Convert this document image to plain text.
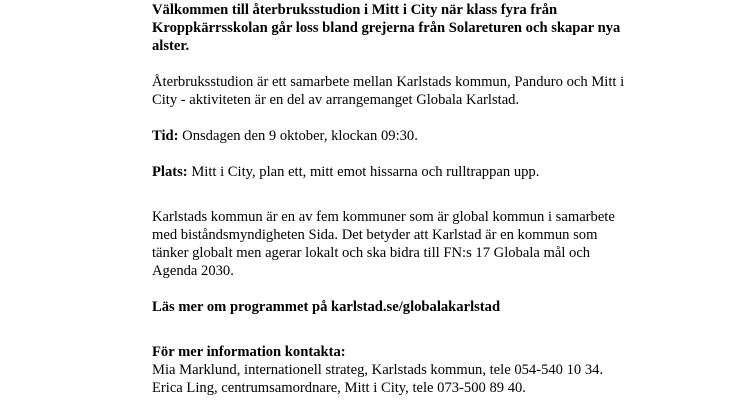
Välkommen till återbruksstudion i Mitt i City när klass fyra från Kroppkärrsskolan går loss bland grejerna från Solareturen och skapar nya alster.

Återbruksstudion är ett samarbete mellan Karlstads kommun, Panduro och Mitt i City - aktiviteten är en del av arrangemanget Globala Karlstad.

Tid: Onsdagen den 9 oktober, klockan 09:30.

Plats: Mitt i City, plan ett, mitt emot hissarna och rulltrappan upp.

Karlstads kommun är en av fem kommuner som är global kommun i samarbete med biståndsmyndigheten Sida. Det betyder att Karlstad är en kommun som tänker globalt men agerar lokalt och ska bidra till FN:s 17 Globala mål och Agenda 2030.

Läs mer om programmet på karlstad.se/globalakarlstad

För mer information kontakta:
Mia Marklund, internationell strateg, Karlstads kommun, tele 054-540 10 34.
Erica Ling, centrumsamordnare, Mitt i City, tele 073-500 89 40.
